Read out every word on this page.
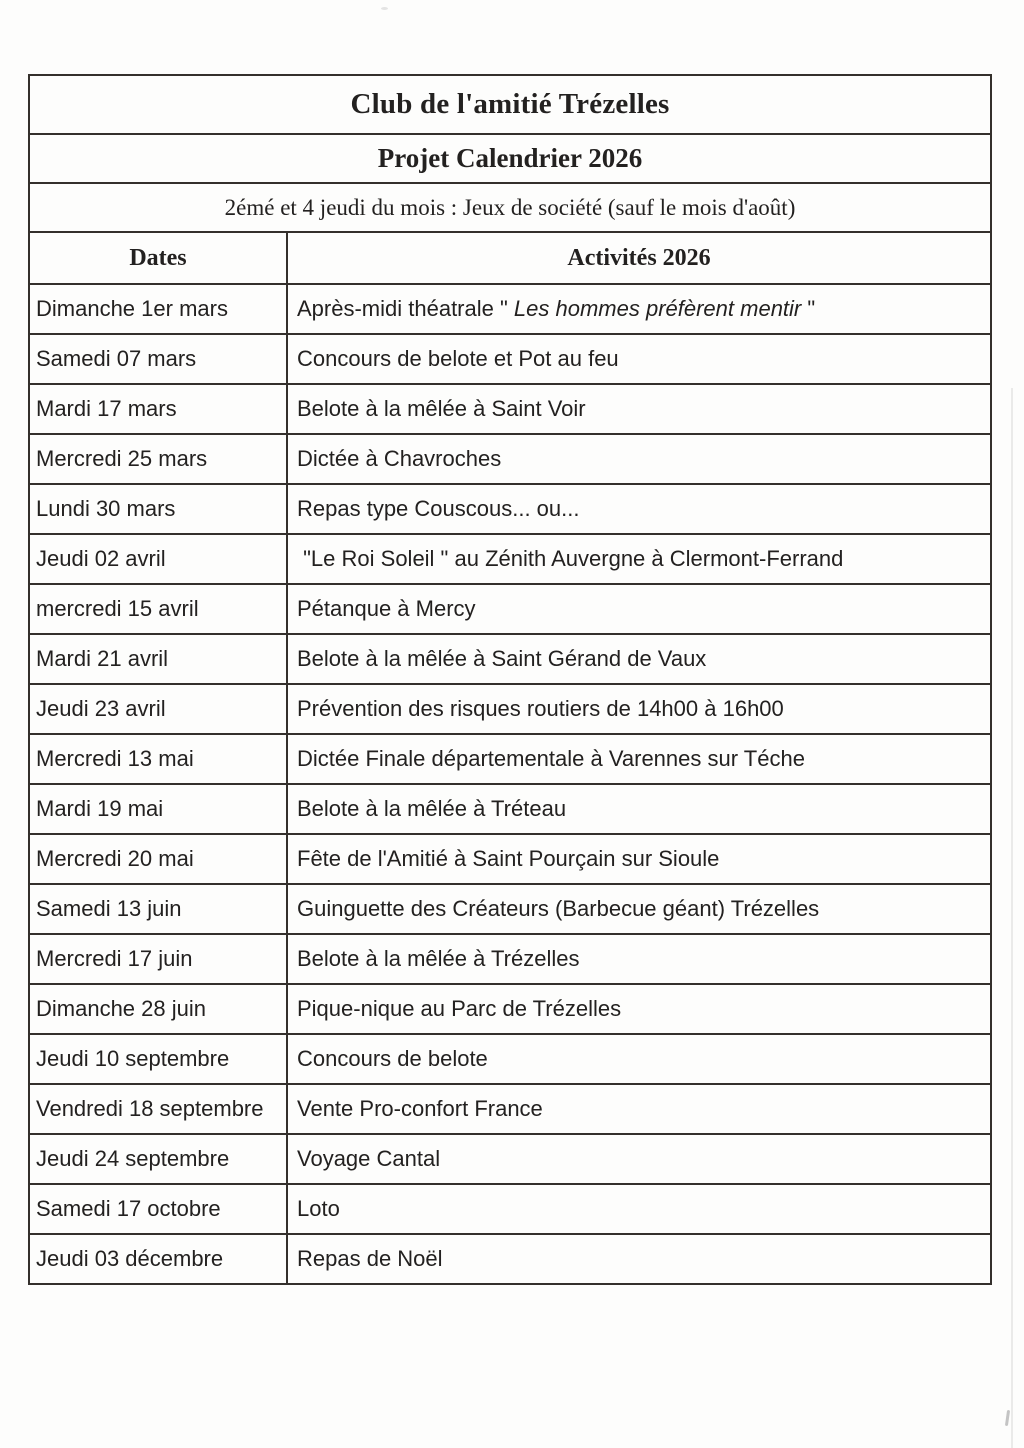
Club de l'amitié Trézelles	
Projet Calendrier 2026	
2émé et 4 jeudi du mois : Jeux de société (sauf le mois d'août)	
Dates	Activités 2026
Dimanche 1er mars	Après-midi théatrale " Les hommes préfèrent mentir "
Samedi 07 mars	Concours de belote et Pot au feu
Mardi 17 mars	Belote à la mêlée à Saint Voir
Mercredi 25 mars	Dictée à Chavroches
Lundi 30 mars	Repas type Couscous... ou...
Jeudi 02 avril	"Le Roi Soleil " au Zénith Auvergne à Clermont-Ferrand
mercredi 15 avril	Pétanque à Mercy
Mardi 21 avril	Belote à la mêlée à Saint Gérand de Vaux
Jeudi 23 avril	Prévention des risques routiers de 14h00 à 16h00
Mercredi 13 mai	Dictée Finale départementale à Varennes sur Téche
Mardi 19 mai	Belote à la mêlée à Tréteau
Mercredi 20 mai	Fête de l'Amitié à Saint Pourçain sur Sioule
Samedi 13 juin	Guinguette des Créateurs (Barbecue géant) Trézelles
Mercredi 17 juin	Belote à la mêlée à Trézelles
Dimanche 28 juin	Pique-nique au Parc de Trézelles
Jeudi 10 septembre	Concours de belote
Vendredi 18 septembre	Vente Pro-confort France
Jeudi 24 septembre	Voyage Cantal
Samedi 17 octobre	Loto
Jeudi 03 décembre	Repas de Noël
